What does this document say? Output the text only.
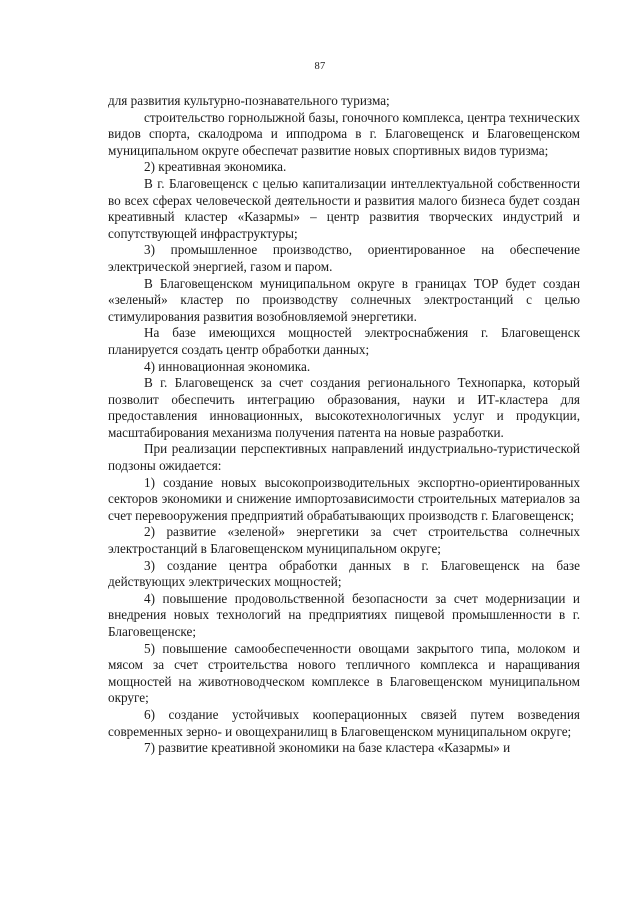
87

для развития культурно-познавательного туризма;

строительство горнолыжной базы, гоночного комплекса, центра технических видов спорта, скалодрома и ипподрома в г. Благовещенск и Благовещенском муниципальном округе обеспечат развитие новых спортивных видов туризма;

2) креативная экономика.

В г. Благовещенск с целью капитализации интеллектуальной собственности во всех сферах человеческой деятельности и развития малого бизнеса будет создан креативный кластер «Казармы» – центр развития творческих индустрий и сопутствующей инфраструктуры;

3) промышленное производство, ориентированное на обеспечение электрической энергией, газом и паром.

В Благовещенском муниципальном округе в границах ТОР будет создан «зеленый» кластер по производству солнечных электростанций с целью стимулирования развития возобновляемой энергетики.

На базе имеющихся мощностей электроснабжения г. Благовещенск планируется создать центр обработки данных;

4) инновационная экономика.

В г. Благовещенск за счет создания регионального Технопарка, который позволит обеспечить интеграцию образования, науки и ИТ-кластера для предоставления инновационных, высокотехнологичных услуг и продукции, масштабирования механизма получения патента на новые разработки.

При реализации перспективных направлений индустриально-туристической подзоны ожидается:

1) создание новых высокопроизводительных экспортно-ориентированных секторов экономики и снижение импортозависимости строительных материалов за счет перевооружения предприятий обрабатывающих производств г. Благовещенск;

2) развитие «зеленой» энергетики за счет строительства солнечных электростанций в Благовещенском муниципальном округе;

3) создание центра обработки данных в г. Благовещенск на базе действующих электрических мощностей;

4) повышение продовольственной безопасности за счет модернизации и внедрения новых технологий на предприятиях пищевой промышленности в г. Благовещенске;

5) повышение самообеспеченности овощами закрытого типа, молоком и мясом за счет строительства нового тепличного комплекса и наращивания мощностей на животноводческом комплексе в Благовещенском муниципальном округе;

6) создание устойчивых кооперационных связей путем возведения современных зерно- и овощехранилищ в Благовещенском муниципальном округе;

7) развитие креативной экономики на базе кластера «Казармы» и
